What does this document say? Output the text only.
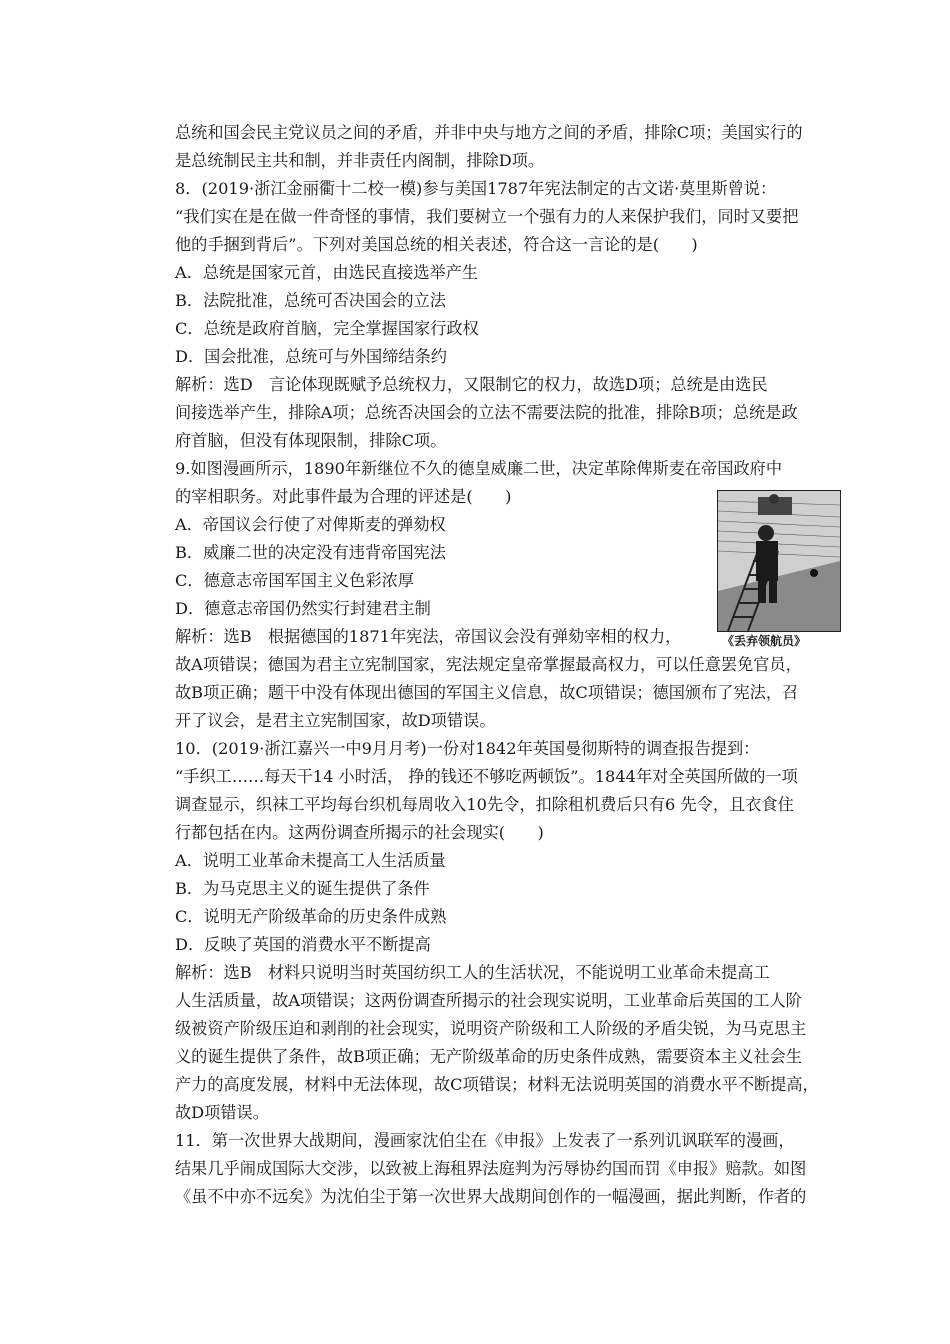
总统和国会民主党议员之间的矛盾，并非中央与地方之间的矛盾，排除C项；美国实行的
是总统制民主共和制，并非责任内阁制，排除D项。
8．(2019·浙江金丽衢十二校一模)参与美国1787年宪法制定的古文诺·莫里斯曾说：
“我们实在是在做一件奇怪的事情，我们要树立一个强有力的人来保护我们，同时又要把
他的手捆到背后”。下列对美国总统的相关表述，符合这一言论的是(　　)
A．总统是国家元首，由选民直接选举产生
B．法院批准，总统可否决国会的立法
C．总统是政府首脑，完全掌握国家行政权
D．国会批准，总统可与外国缔结条约
解析：选D　言论体现既赋予总统权力，又限制它的权力，故选D项；总统是由选民
间接选举产生，排除A项；总统否决国会的立法不需要法院的批准，排除B项；总统是政
府首脑，但没有体现限制，排除C项。
9.如图漫画所示，1890年新继位不久的德皇威廉二世，决定革除俾斯麦在帝国政府中
的宰相职务。对此事件最为合理的评述是(　　)
A．帝国议会行使了对俾斯麦的弹劾权
B．威廉二世的决定没有违背帝国宪法
C．德意志帝国军国主义色彩浓厚
D．德意志帝国仍然实行封建君主制
解析：选B　根据德国的1871年宪法，帝国议会没有弹劾宰相的权力，
故A项错误；德国为君主立宪制国家，宪法规定皇帝掌握最高权力，可以任意罢免官员，
故B项正确；题干中没有体现出德国的军国主义信息，故C项错误；德国颁布了宪法，召
开了议会，是君主立宪制国家，故D项错误。
10．(2019·浙江嘉兴一中9月月考)一份对1842年英国曼彻斯特的调查报告提到：
“手织工……每天干14 小时活， 挣的钱还不够吃两顿饭”。1844年对全英国所做的一项
调查显示，织袜工平均每台织机每周收入10先令，扣除租机费后只有6 先令，且衣食住
行都包括在内。这两份调查所揭示的社会现实(　　)
A．说明工业革命未提高工人生活质量
B．为马克思主义的诞生提供了条件
C．说明无产阶级革命的历史条件成熟
D．反映了英国的消费水平不断提高
解析：选B　材料只说明当时英国纺织工人的生活状况，不能说明工业革命未提高工
人生活质量，故A项错误；这两份调查所揭示的社会现实说明，工业革命后英国的工人阶
级被资产阶级压迫和剥削的社会现实，说明资产阶级和工人阶级的矛盾尖锐，为马克思主
义的诞生提供了条件，故B项正确；无产阶级革命的历史条件成熟，需要资本主义社会生
产力的高度发展，材料中无法体现，故C项错误；材料无法说明英国的消费水平不断提高，
故D项错误。
11．第一次世界大战期间，漫画家沈伯尘在《申报》上发表了一系列讥讽联军的漫画，
结果几乎闹成国际大交涉，以致被上海租界法庭判为污辱协约国而罚《申报》赔款。如图
《虽不中亦不远矣》为沈伯尘于第一次世界大战期间创作的一幅漫画，据此判断，作者的
《丢弃领航员》
